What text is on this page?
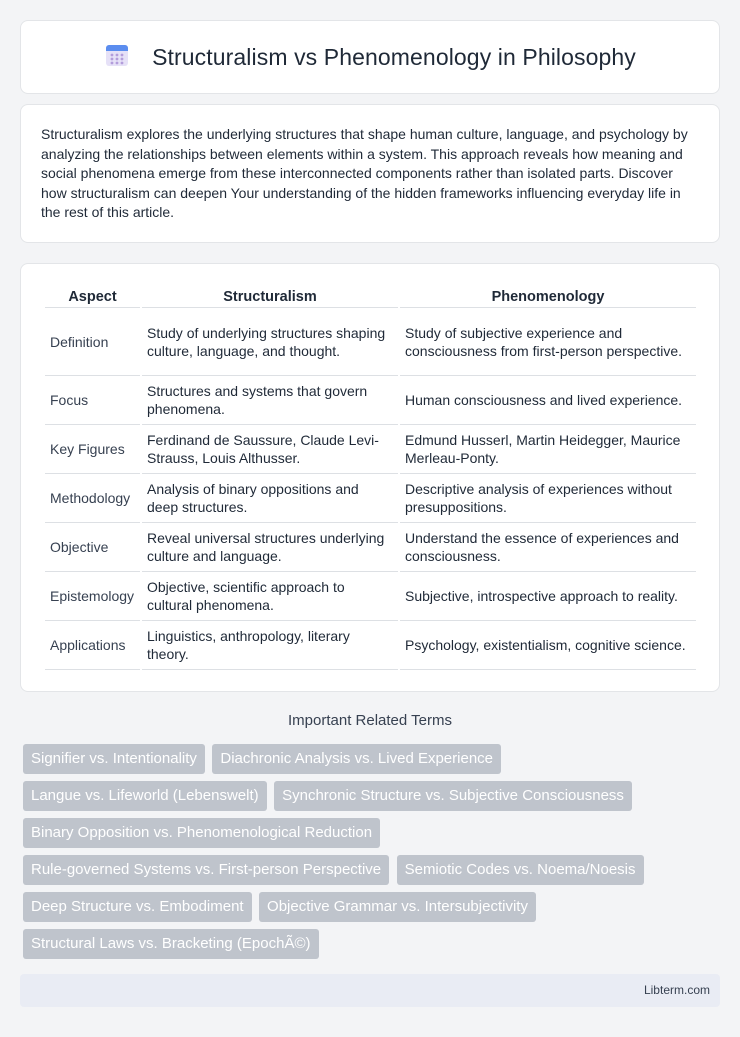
Structuralism vs Phenomenology in Philosophy

Structuralism explores the underlying structures that shape human culture, language, and psychology by analyzing the relationships between elements within a system. This approach reveals how meaning and social phenomena emerge from these interconnected components rather than isolated parts. Discover how structuralism can deepen Your understanding of the hidden frameworks influencing everyday life in the rest of this article.

Aspect	Structuralism	Phenomenology
Definition	Study of underlying structures shaping culture, language, and thought.	Study of subjective experience and consciousness from first-person perspective.
Focus	Structures and systems that govern phenomena.	Human consciousness and lived experience.
Key Figures	Ferdinand de Saussure, Claude Levi-Strauss, Louis Althusser.	Edmund Husserl, Martin Heidegger, Maurice Merleau-Ponty.
Methodology	Analysis of binary oppositions and deep structures.	Descriptive analysis of experiences without presuppositions.
Objective	Reveal universal structures underlying culture and language.	Understand the essence of experiences and consciousness.
Epistemology	Objective, scientific approach to cultural phenomena.	Subjective, introspective approach to reality.
Applications	Linguistics, anthropology, literary theory.	Psychology, existentialism, cognitive science.
Important Related Terms
Signifier vs. Intentionality Diachronic Analysis vs. Lived Experience Langue vs. Lifeworld (Lebenswelt) Synchronic Structure vs. Subjective Consciousness Binary Opposition vs. Phenomenological Reduction Rule-governed Systems vs. First-person Perspective Semiotic Codes vs. Noema/Noesis Deep Structure vs. Embodiment Objective Grammar vs. Intersubjectivity Structural Laws vs. Bracketing (EpochÃ©)
Libterm.com
